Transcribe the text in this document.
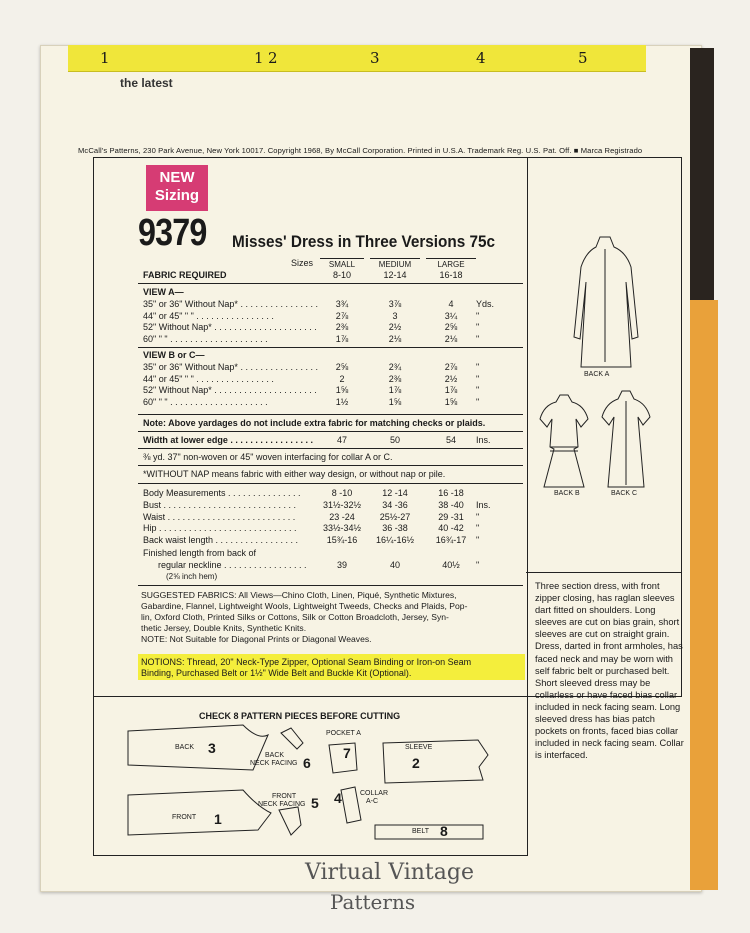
1
1	2	3	4	5
the latest
McCall's Patterns, 230 Park Avenue, New York 10017. Copyright 1968, By McCall Corporation. Printed in U.S.A. Trademark Reg. U.S. Pat. Off. ■ Marca Registrado
NEW
Sizing
9379 Misses' Dress in Three Versions 75c
Sizes
FABRIC REQUIRED
SMALL	MEDIUM	LARGE
8-10	12-14	16-18
VIEW A—
35" or 36" Without Nap* . . . . . . . . . . . . . . . .	3¾	3⅞	4	Yds.
44" or 45" " " . . . . . . . . . . . . . . . .	2⅞	3	3¼	"
52" Without Nap* . . . . . . . . . . . . . . . . . . . . .	2⅜	2½	2⅝	"
60" " " . . . . . . . . . . . . . . . . . . . .	1⅞	2⅛	2⅛	"
VIEW B or C—
35" or 36" Without Nap* . . . . . . . . . . . . . . . .	2⅝	2¾	2⅞	"
44" or 45" " " . . . . . . . . . . . . . . . .	2	2⅜	2½	"
52" Without Nap* . . . . . . . . . . . . . . . . . . . . .	1⅝	1⅞	1⅞	"
60" " " . . . . . . . . . . . . . . . . . . . .	1½	1⅝	1⅝	"
Note: Above yardages do not include extra fabric for matching checks or plaids.
Width at lower edge . . . . . . . . . . . . . . . . .	47	50	54	Ins.
⅜ yd. 37" non-woven or 45" woven interfacing for collar A or C.
*WITHOUT NAP means fabric with either way design, or without nap or pile.
Body Measurements . . . . . . . . . . . . . . .	8 -10	12 -14	16 -18
Bust . . . . . . . . . . . . . . . . . . . . . . . . . . .	31½-32½	34 -36	38 -40	Ins.
Waist . . . . . . . . . . . . . . . . . . . . . . . . . .	23 -24	25½-27	29 -31	"
Hip . . . . . . . . . . . . . . . . . . . . . . . . . . . .	33½-34½	36 -38	40 -42	"
Back waist length . . . . . . . . . . . . . . . . .	15¾-16	16¼-16½	16¾-17	"
Finished length from back of
regular neckline . . . . . . . . . . . . . . . . .
(2⅝ inch hem)
39	40	40½	"
SUGGESTED FABRICS: All Views—Chino Cloth, Linen, Piqué, Synthetic Mixtures,
Gabardine, Flannel, Lightweight Wools, Lightweight Tweeds, Checks and Plaids, Pop-
lin, Oxford Cloth, Printed Silks or Cottons, Silk or Cotton Broadcloth, Jersey, Syn-
thetic Jersey, Double Knits, Synthetic Knits.
NOTE: Not Suitable for Diagonal Prints or Diagonal Weaves.
NOTIONS: Thread, 20" Neck-Type Zipper, Optional Seam Binding or Iron-on Seam
Binding, Purchased Belt or 1½" Wide Belt and Buckle Kit (Optional).
BACK A
BACK B	BACK C
Three section dress, with front zipper closing, has raglan sleeves dart fitted on shoulders. Long sleeves are cut on bias grain, short sleeves are cut on straight grain. Dress, darted in front armholes, has faced neck and may be worn with self fabric belt or purchased belt. Short sleeved dress may be collarless or have faced bias collar included in neck facing seam. Long sleeved dress has bias patch pockets on fronts, faced bias collar included in neck facing seam. Collar is interfaced.
CHECK 8 PATTERN PIECES BEFORE CUTTING
BACK 3	BACK
NECK FACING 6
POCKET A
7	SLEEVE
2
FRONT 1
FRONT
NECK FACING 5 4	COLLAR
A-C
BELT 8
Virtual Vintage
Patterns
